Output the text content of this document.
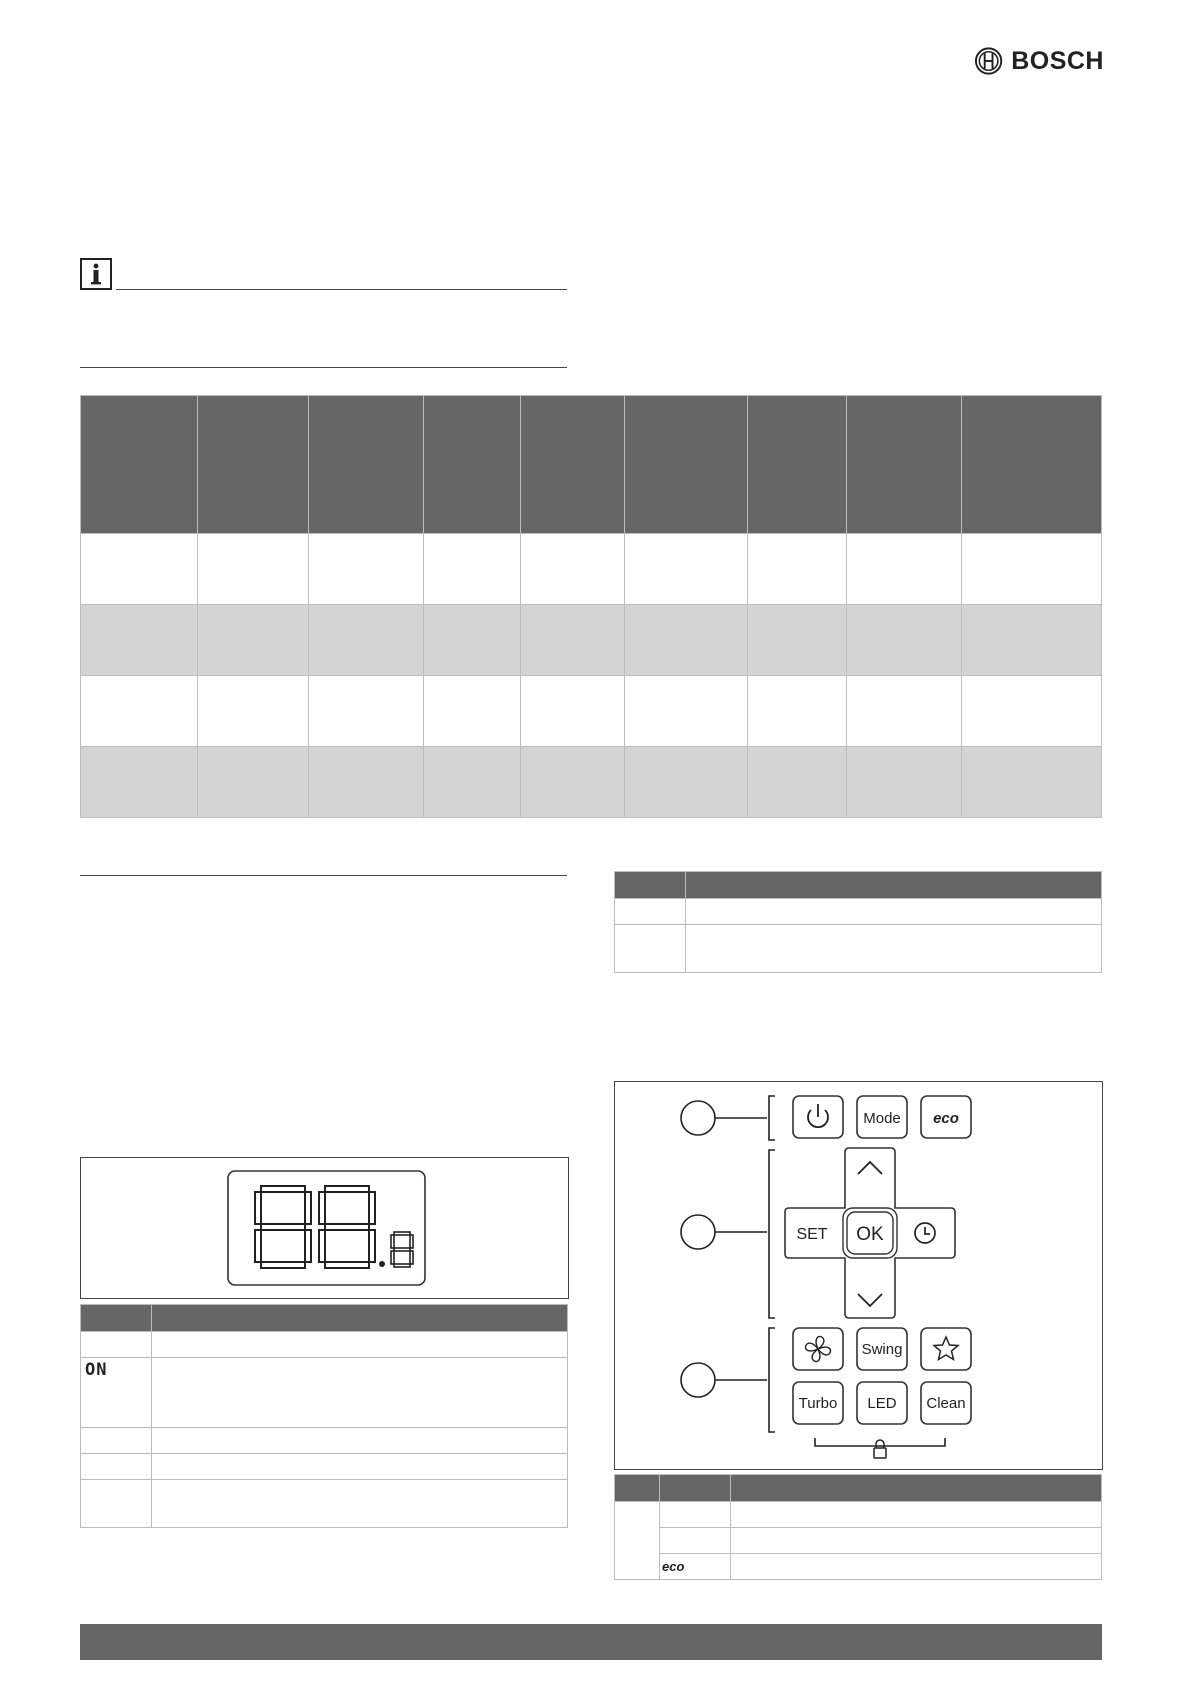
BOSCH

ON	

Mode eco
SET OK
Swing
Turbo LED Clean

	eco	
